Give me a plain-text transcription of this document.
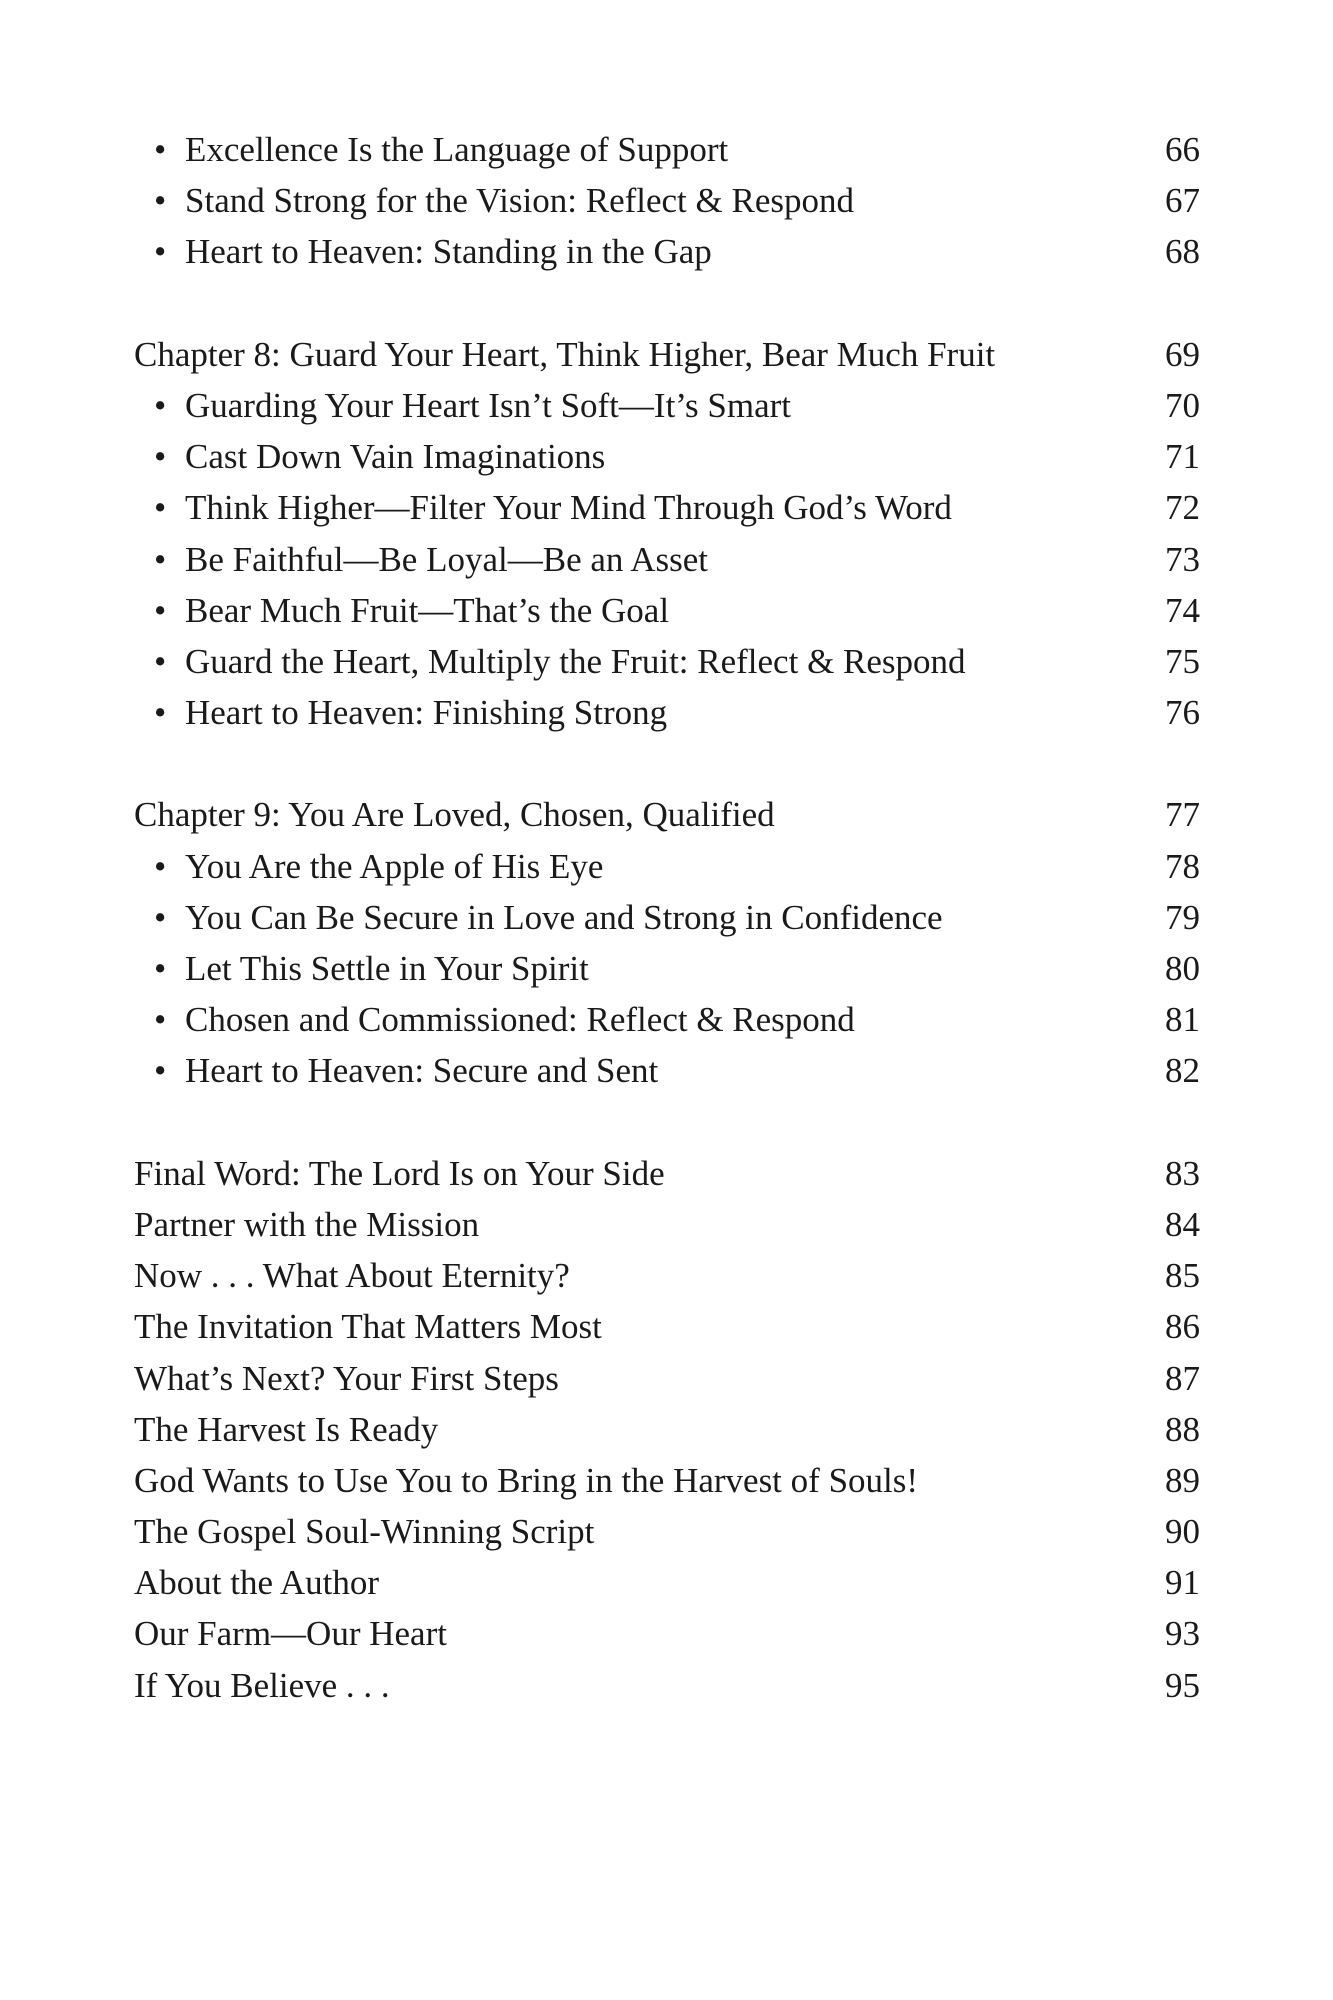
• Excellence Is the Language of Support	66
• Stand Strong for the Vision: Reflect & Respond	67
• Heart to Heaven: Standing in the Gap	68
Chapter 8: Guard Your Heart, Think Higher, Bear Much Fruit	69
• Guarding Your Heart Isn’t Soft—It’s Smart	70
• Cast Down Vain Imaginations	71
• Think Higher—Filter Your Mind Through God’s Word	72
• Be Faithful—Be Loyal—Be an Asset	73
• Bear Much Fruit—That’s the Goal	74
• Guard the Heart, Multiply the Fruit: Reflect & Respond	75
• Heart to Heaven: Finishing Strong	76
Chapter 9: You Are Loved, Chosen, Qualified	77
• You Are the Apple of His Eye	78
• You Can Be Secure in Love and Strong in Confidence	79
• Let This Settle in Your Spirit	80
• Chosen and Commissioned: Reflect & Respond	81
• Heart to Heaven: Secure and Sent	82
Final Word: The Lord Is on Your Side	83
Partner with the Mission	84
Now . . . What About Eternity?	85
The Invitation That Matters Most	86
What’s Next? Your First Steps	87
The Harvest Is Ready	88
God Wants to Use You to Bring in the Harvest of Souls!	89
The Gospel Soul-Winning Script	90
About the Author	91
Our Farm—Our Heart	93
If You Believe . . .	95
